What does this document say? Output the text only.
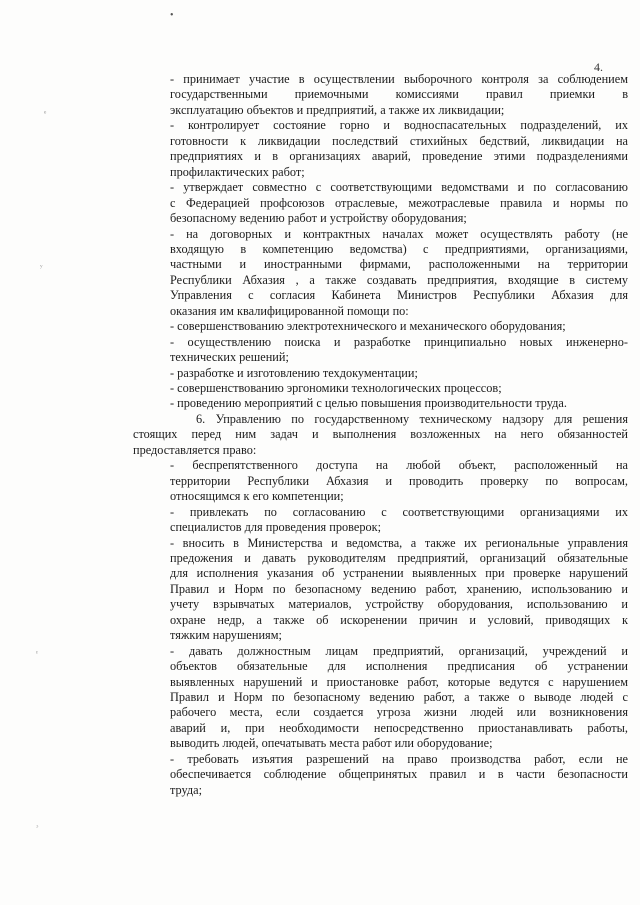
•
4.
ᵉ
ʸ
ᵋ
ᵓ
- принимает участие в осуществлении выборочного контроля за соблюдением
государственными приемочными комиссиями правил приемки в
эксплуатацию объектов и предприятий, а также их ликвидации;
- контролирует состояние горно и водноспасательных подразделений, их
готовности к ликвидации последствий стихийных бедствий, ликвидации на
предприятиях и в организациях аварий, проведение этими подразделениями
профилактических работ;
- утверждает совместно с соответствующими ведомствами и по согласованию
с Федерацией профсоюзов отраслевые, межотраслевые правила и нормы по
безопасному ведению работ и устройству оборудования;
- на договорных и контрактных началах может осуществлять работу (не
входящую в компетенцию ведомства) с предприятиями, организациями,
частными и иностранными фирмами, расположенными на территории
Республики Абхазия , а также создавать предприятия, входящие в систему
Управления с согласия Кабинета Министров Республики Абхазия для
оказания им квалифицированной помощи по:
- совершенствованию электротехнического и механического оборудования;
- осуществлению поиска и разработке принципиально новых инженерно-
технических решений;
- разработке и изготовлению техдокументации;
- совершенствованию эргономики технологических процессов;
- проведению мероприятий с целью повышения производительности труда.
6. Управлению по государственному техническому надзору для решения
стоящих перед ним задач и выполнения возложенных на него обязанностей
предоставляется право:
- беспрепятственного доступа на любой объект, расположенный на
территории Республики Абхазия и проводить проверку по вопросам,
относящимся к его компетенции;
- привлекать по согласованию с соответствующими организациями их
специалистов для проведения проверок;
- вносить в Министерства и ведомства, а также их региональные управления
предожения и давать руководителям предприятий, организаций обязательные
для исполнения указания об устранении выявленных при проверке нарушений
Правил и Норм по безопасному ведению работ, хранению, использованию и
учету взрывчатых материалов, устройству оборудования, использованию и
охране недр, а также об искоренении причин и условий, приводящих к
тяжким нарушениям;
- давать должностным лицам предприятий, организаций, учреждений и
объектов обязательные для исполнения предписания об устранении
выявленных нарушений и приостановке работ, которые ведутся с нарушением
Правил и Норм по безопасному ведению работ, а также о выводе людей с
рабочего места, если создается угроза жизни людей или возникновения
аварий и, при необходимости непосредственно приостанавливать работы,
выводить людей, опечатывать места работ или оборудование;
- требовать изъятия разрешений на право производства работ, если не
обеспечивается соблюдение общепринятых правил и в части безопасности
труда;
